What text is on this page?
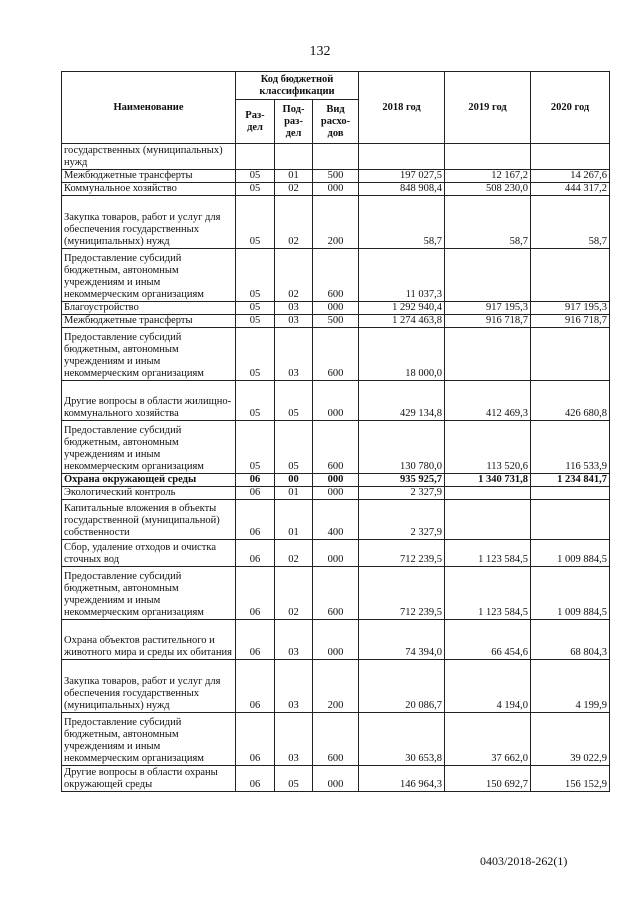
132
Наименование	Код бюджетной классификации			2018 год	2019 год	2020 год
	Раз-дел	Под-раз-дел	Вид расхо-дов			
государственных (муниципальных) нужд						
Межбюджетные трансферты	05	01	500	197 027,5	12 167,2	14 267,6
Коммунальное хозяйство	05	02	000	848 908,4	508 230,0	444 317,2
Закупка товаров, работ и услуг для обеспечения государственных (муниципальных) нужд	05	02	200	58,7	58,7	58,7
Предоставление субсидий бюджетным, автономным учреждениям и иным некоммерческим организациям	05	02	600	11 037,3		
Благоустройство	05	03	000	1 292 940,4	917 195,3	917 195,3
Межбюджетные трансферты	05	03	500	1 274 463,8	916 718,7	916 718,7
Предоставление субсидий бюджетным, автономным учреждениям и иным некоммерческим организациям	05	03	600	18 000,0		
Другие вопросы в области жилищно-коммунального хозяйства	05	05	000	429 134,8	412 469,3	426 680,8
Предоставление субсидий бюджетным, автономным учреждениям и иным некоммерческим организациям	05	05	600	130 780,0	113 520,6	116 533,9
Охрана окружающей среды	06	00	000	935 925,7	1 340 731,8	1 234 841,7
Экологический контроль	06	01	000	2 327,9		
Капитальные вложения в объекты государственной (муниципальной) собственности	06	01	400	2 327,9		
Сбор, удаление отходов и очистка сточных вод	06	02	000	712 239,5	1 123 584,5	1 009 884,5
Предоставление субсидий бюджетным, автономным учреждениям и иным некоммерческим организациям	06	02	600	712 239,5	1 123 584,5	1 009 884,5
Охрана объектов растительного и животного мира и среды их обитания	06	03	000	74 394,0	66 454,6	68 804,3
Закупка товаров, работ и услуг для обеспечения государственных (муниципальных) нужд	06	03	200	20 086,7	4 194,0	4 199,9
Предоставление субсидий бюджетным, автономным учреждениям и иным некоммерческим организациям	06	03	600	30 653,8	37 662,0	39 022,9
Другие вопросы в области охраны окружающей среды	06	05	000	146 964,3	150 692,7	156 152,9
0403/2018-262(1)
